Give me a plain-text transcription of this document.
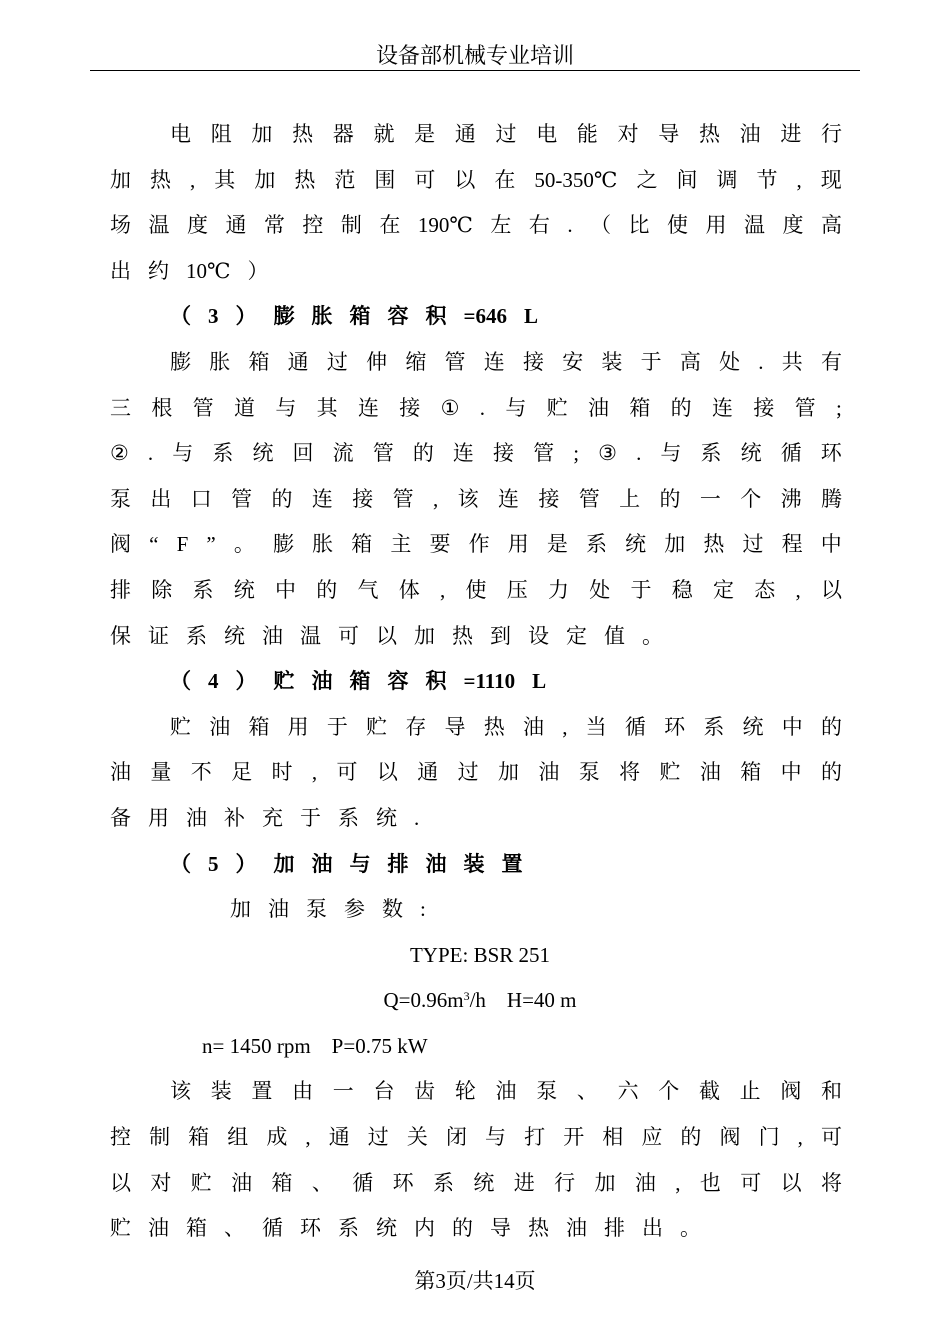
设备部机械专业培训
电 阻 加 热 器 就 是 通 过 电 能 对 导 热 油 进 行
加 热 , 其 加 热 范 围 可 以 在 50-350℃ 之 间 调 节 , 现
场 温 度 通 常 控 制 在 190℃ 左 右 . （ 比 使 用 温 度 高
出 约 10℃ ）
（ 3 ） 膨 胀 箱 容 积 =646 L
膨 胀 箱 通 过 伸 缩 管 连 接 安 装 于 高 处 . 共 有
三 根 管 道 与 其 连 接 ① . 与 贮 油 箱 的 连 接 管 ;
② . 与 系 统 回 流 管 的 连 接 管 ; ③ . 与 系 统 循 环
泵 出 口 管 的 连 接 管 , 该 连 接 管 上 的 一 个 沸 腾
阀 “ F ” 。 膨 胀 箱 主 要 作 用 是 系 统 加 热 过 程 中
排 除 系 统 中 的 气 体 , 使 压 力 处 于 稳 定 态 , 以
保 证 系 统 油 温 可 以 加 热 到 设 定 值 。
（ 4 ） 贮 油 箱 容 积 =1110 L
贮 油 箱 用 于 贮 存 导 热 油 , 当 循 环 系 统 中 的
油 量 不 足 时 , 可 以 通 过 加 油 泵 将 贮 油 箱 中 的
备 用 油 补 充 于 系 统 .
（ 5 ） 加 油 与 排 油 装 置
加 油 泵 参 数 :
TYPE: BSR 251
$Q=0.96m^3/h$    H=40 m
n= 1450 rpm    P=0.75 kW
该 装 置 由 一 台 齿 轮 油 泵 、 六 个 截 止 阀 和
控 制 箱 组 成 , 通 过 关 闭 与 打 开 相 应 的 阀 门 , 可
以 对 贮 油 箱 、 循 环 系 统 进 行 加 油 , 也 可 以 将
贮 油 箱 、 循 环 系 统 内 的 导 热 油 排 出 。
第3页/共14页
